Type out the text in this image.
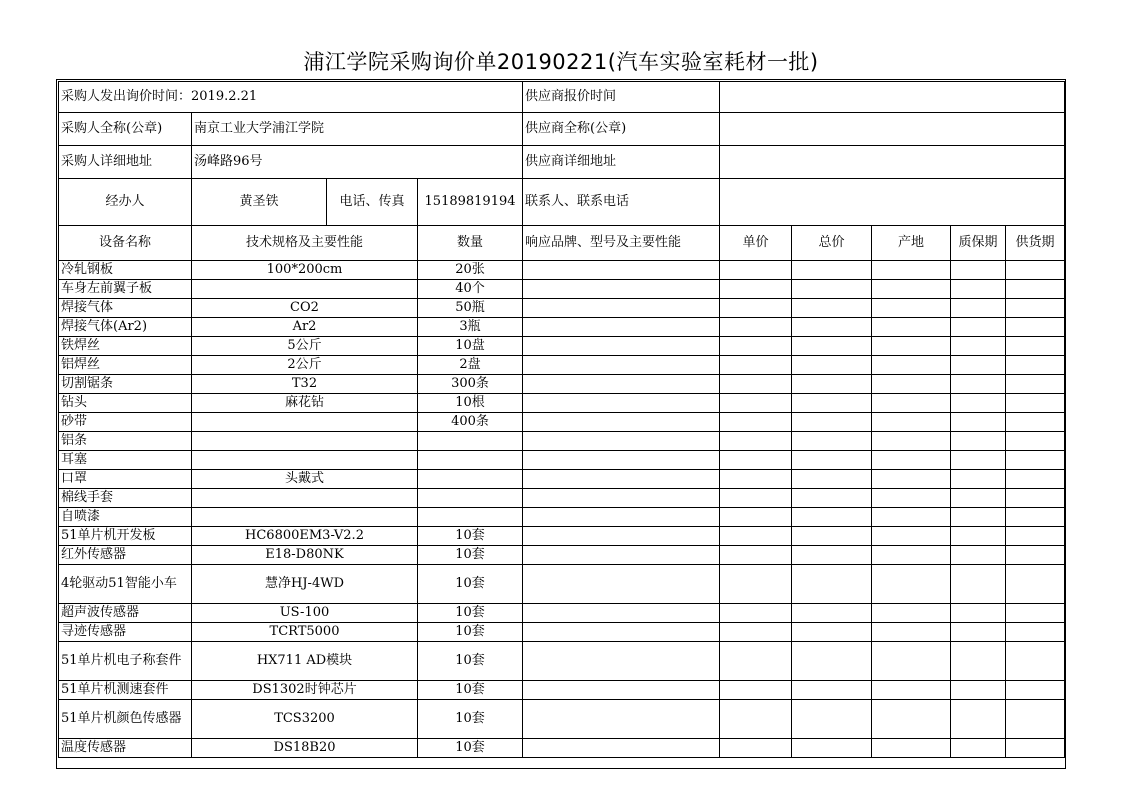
浦江学院采购询价单20190221(汽车实验室耗材一批)
采购人发出询价时间：2019.2.21				供应商报价时间					
采购人全称(公章)	南京工业大学浦江学院			供应商全称(公章)					
采购人详细地址	汤峰路96号			供应商详细地址					
经办人	黄圣铁	电话、传真	15189819194	联系人、联系电话					
设备名称	技术规格及主要性能		数量	响应品牌、型号及主要性能	单价	总价	产地	质保期	供货期
冷轧钢板	100*200cm		20张						
车身左前翼子板			40个						
焊接气体	CO2		50瓶						
焊接气体(Ar2)	Ar2		3瓶						
铁焊丝	5公斤		10盘						
铝焊丝	2公斤		2盘						
切割锯条	T32		300条						
钻头	麻花钻		10根						
砂带			400条						
铝条									
耳塞									
口罩	头戴式								
棉线手套									
自喷漆									
51单片机开发板	HC6800EM3-V2.2		10套						
红外传感器	E18-D80NK		10套						
4轮驱动51智能小车	慧净HJ-4WD		10套						
超声波传感器	US-100		10套						
寻迹传感器	TCRT5000		10套						
51单片机电子称套件	HX711 AD模块		10套						
51单片机测速套件	DS1302时钟芯片		10套						
51单片机颜色传感器	TCS3200		10套						
温度传感器	DS18B20		10套						
